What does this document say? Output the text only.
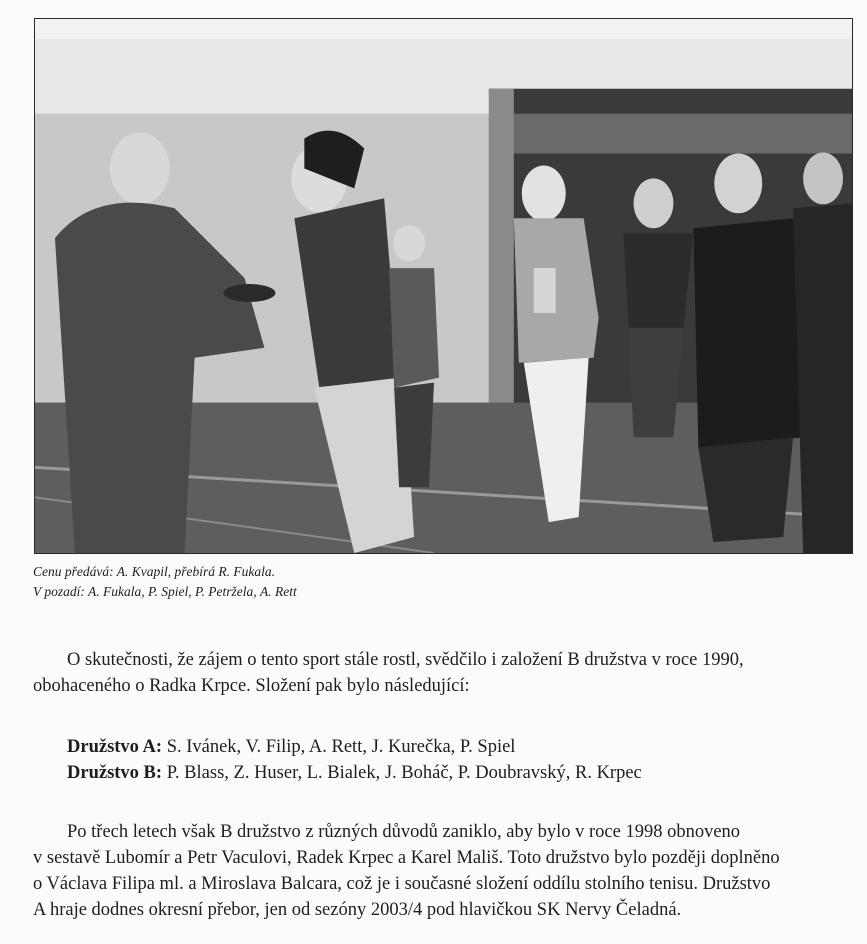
Cenu předává: A. Kvapil, přebírá R. Fukala.
V pozadí: A. Fukala, P. Spiel, P. Petrželа, A. Rett
O skutečnosti, že zájem o tento sport stále rostl, svědčilo i založení B družstva v roce 1990,
obohaceného o Radka Krpce. Složení pak bylo následující:
Družstvo A: S. Ivánek, V. Filip, A. Rett, J. Kurečka, P. Spiel
Družstvo B: P. Blass, Z. Huser, L. Bialek, J. Boháč, P. Doubravský, R. Krpec
Po třech letech však B družstvo z různých důvodů zaniklo, aby bylo v roce 1998 obnoveno
v sestavě Lubomír a Petr Vaculovi, Radek Krpec a Karel Mališ. Toto družstvo bylo později doplněno
o Václava Filipa ml. a Miroslava Balcara, což je i současné složení oddílu stolního tenisu. Družstvo
A hraje dodnes okresní přebor, jen od sezóny 2003/4 pod hlavičkou SK Nervy Čeladná.
